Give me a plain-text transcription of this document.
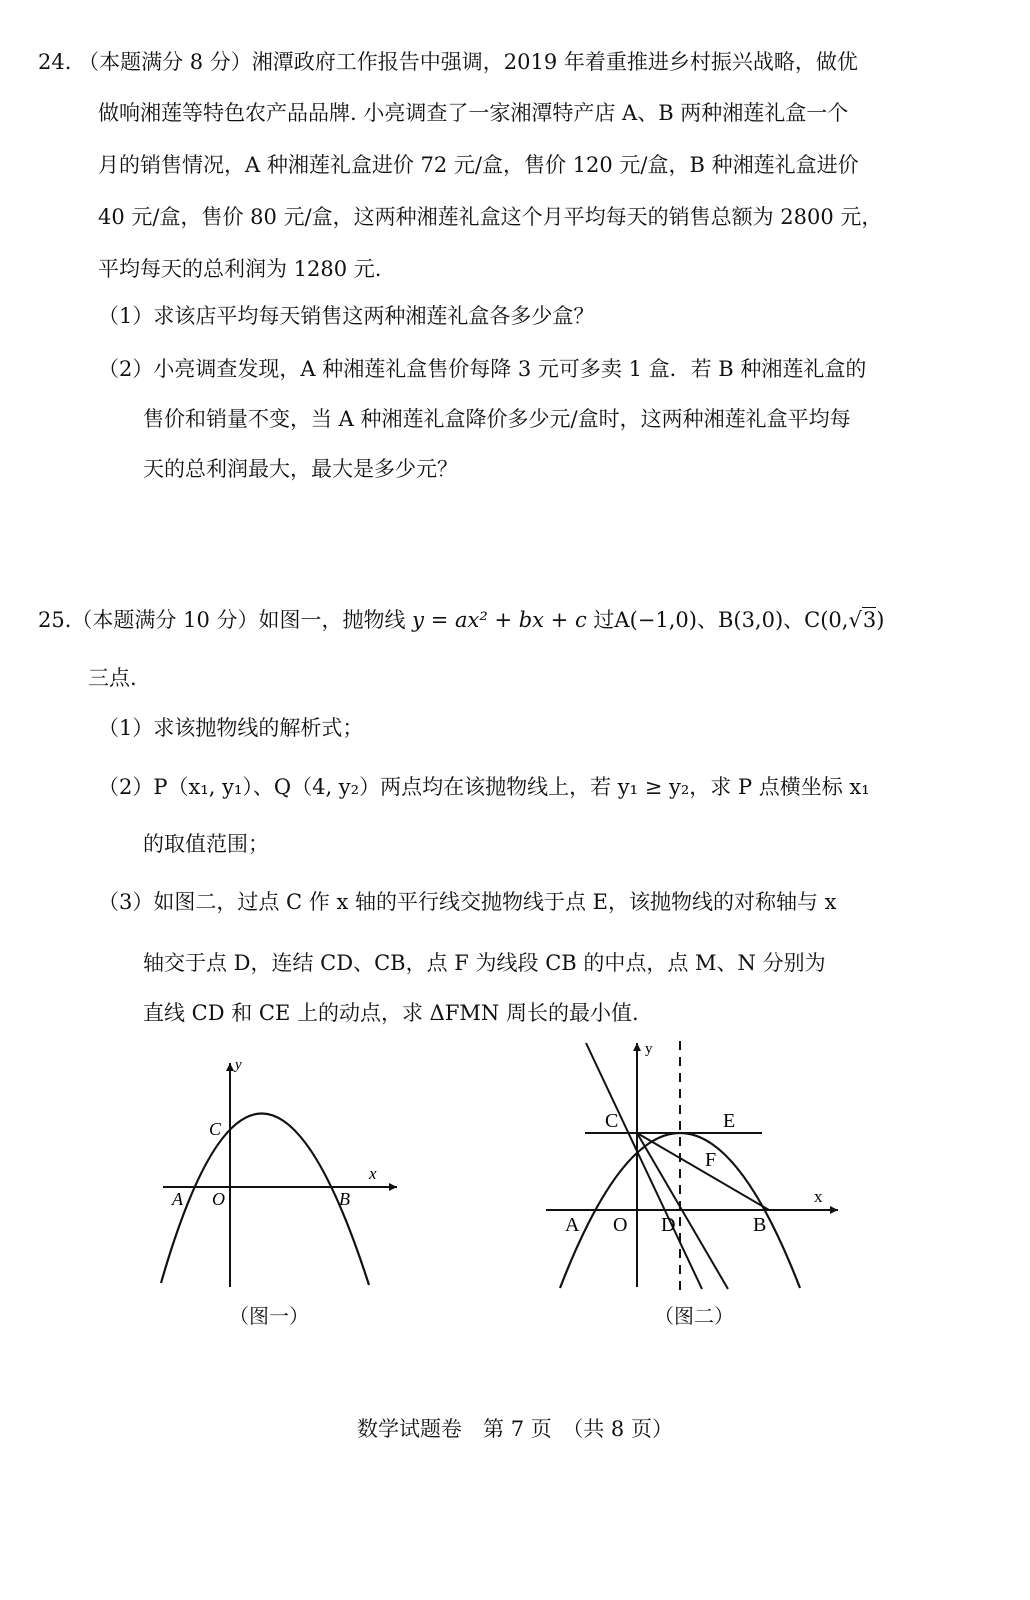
24. （本题满分 8 分）湘潭政府工作报告中强调，2019 年着重推进乡村振兴战略，做优
做响湘莲等特色农产品品牌. 小亮调查了一家湘潭特产店 A、B 两种湘莲礼盒一个
月的销售情况，A 种湘莲礼盒进价 72 元/盒，售价 120 元/盒，B 种湘莲礼盒进价
40 元/盒，售价 80 元/盒，这两种湘莲礼盒这个月平均每天的销售总额为 2800 元，
平均每天的总利润为 1280 元.
（1）求该店平均每天销售这两种湘莲礼盒各多少盒？
（2）小亮调查发现，A 种湘莲礼盒售价每降 3 元可多卖 1 盒．若 B 种湘莲礼盒的
售价和销量不变，当 A 种湘莲礼盒降价多少元/盒时，这两种湘莲礼盒平均每
天的总利润最大，最大是多少元？
25.（本题满分 10 分）如图一，抛物线 y = ax² + bx + c 过A(−1,0)、B(3,0)、C(0,√3)
三点.
（1）求该抛物线的解析式；
（2）P（x₁, y₁）、Q（4, y₂）两点均在该抛物线上，若 y₁ ≥ y₂，求 P 点横坐标 x₁
的取值范围；
（3）如图二，过点 C 作 x 轴的平行线交抛物线于点 E，该抛物线的对称轴与 x
轴交于点 D，连结 CD、CB，点 F 为线段 CB 的中点，点 M、N 分别为
直线 CD 和 CE 上的动点，求 ΔFMN 周长的最小值.
y
x
C
A O	B
（图一）
y
x
C	E
F
A O D	B
（图二）
数学试题卷　第 7 页　（共 8 页）
